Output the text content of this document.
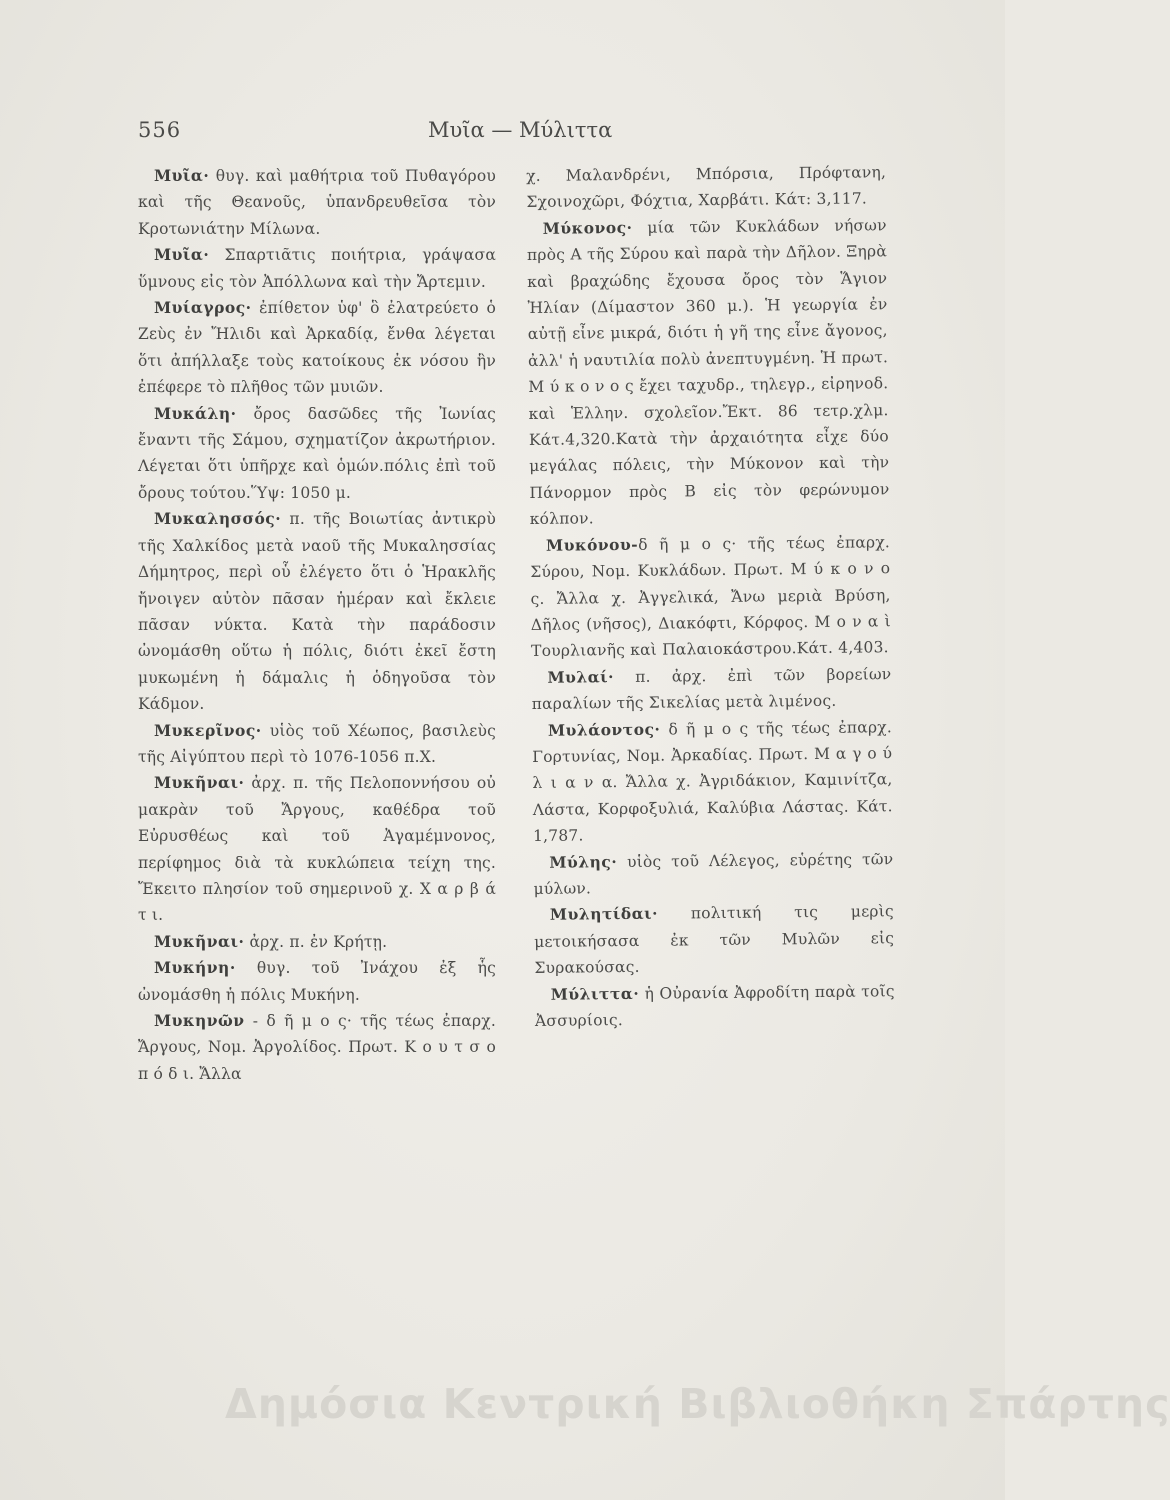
556	Μυῖα — Μύλιττα

Μυῖα· θυγ. καὶ μαθήτρια τοῦ Πυθαγόρου καὶ τῆς Θεανοῦς, ὑπανδρευθεῖσα τὸν Κροτωνιάτην Μίλωνα.

Μυῖα· Σπαρτιᾶτις ποιήτρια, γράψασα ὕμνους εἰς τὸν Ἀπόλλωνα καὶ τὴν Ἄρτεμιν.

Μυίαγρος· ἐπίθετον ὑφ' ὃ ἐλατρεύετο ὁ Ζεὺς ἐν Ἤλιδι καὶ Ἀρκαδίᾳ, ἔνθα λέγεται ὅτι ἀπήλλαξε τοὺς κατοίκους ἐκ νόσου ἣν ἐπέφερε τὸ πλῆθος τῶν μυιῶν.

Μυκάλη· ὄρος δασῶδες τῆς Ἰωνίας ἔναντι τῆς Σάμου, σχηματίζον ἀκρωτήριον. Λέγεται ὅτι ὑπῆρχε καὶ ὁμών.πόλις ἐπὶ τοῦ ὄρους τούτου.Ὕψ: 1050 μ.

Μυκαλησσός· π. τῆς Βοιωτίας ἀντικρὺ τῆς Χαλκίδος μετὰ ναοῦ τῆς Μυκαλησσίας Δήμητρος, περὶ οὗ ἐλέγετο ὅτι ὁ Ἡρακλῆς ἤνοιγεν αὐτὸν πᾶσαν ἡμέραν καὶ ἔκλειε πᾶσαν νύκτα. Κατὰ τὴν παράδοσιν ὠνομάσθη οὕτω ἡ πόλις, διότι ἐκεῖ ἔστη μυκωμένη ἡ δάμαλις ἡ ὁδηγοῦσα τὸν Κάδμον.

Μυκερῖνος· υἱὸς τοῦ Χέωπος, βασιλεὺς τῆς Αἰγύπτου περὶ τὸ 1076-1056 π.Χ.

Μυκῆναι· ἀρχ. π. τῆς Πελοποννήσου οὐ μακρὰν τοῦ Ἄργους, καθέδρα τοῦ Εὐρυσθέως καὶ τοῦ Ἀγαμέμνονος, περίφημος διὰ τὰ κυκλώπεια τείχη της. Ἔκειτο πλησίον τοῦ σημερινοῦ χ. Χ α ρ β ά τ ι.

Μυκῆναι· ἀρχ. π. ἐν Κρήτῃ.

Μυκήνη· θυγ. τοῦ Ἰνάχου ἐξ ἧς ὠνομάσθη ἡ πόλις Μυκήνη.

Μυκηνῶν - δ ῆ μ ο ς· τῆς τέως ἐπαρχ. Ἄργους, Νομ. Ἀργολίδος. Πρωτ. Κ ο υ τ σ ο π ό δ ι. Ἄλλα

χ. Μαλανδρένι, Μπόρσια, Πρόφτανη, Σχοινοχῶρι, Φόχτια, Χαρβάτι. Κάτ: 3,117.

Μύκονος· μία τῶν Κυκλάδων νήσων πρὸς Α τῆς Σύρου καὶ παρὰ τὴν Δῆλον. Ξηρὰ καὶ βραχώδης ἔχουσα ὄρος τὸν Ἅγιον Ἠλίαν (Δίμαστον 360 μ.). Ἡ γεωργία ἐν αὐτῇ εἶνε μικρά, διότι ἡ γῆ της εἶνε ἄγονος, ἀλλ' ἡ ναυτιλία πολὺ ἀνεπτυγμένη. Ἡ πρωτ. Μ ύ κ ο ν ο ς ἔχει ταχυδρ., τηλεγρ., εἰρηνοδ. καὶ Ἑλλην. σχολεῖον.Ἔκτ. 86 τετρ.χλμ. Κάτ.4,320.Κατὰ τὴν ἀρχαιότητα εἶχε δύο μεγάλας πόλεις, τὴν Μύκονον καὶ τὴν Πάνορμον πρὸς Β εἰς τὸν φερώνυμον κόλπον.

Μυκόνου-δ ῆ μ ο ς· τῆς τέως ἐπαρχ. Σύρου, Νομ. Κυκλάδων. Πρωτ. Μ ύ κ ο ν ο ς. Ἄλλα χ. Ἀγγελικά, Ἄνω μεριὰ Βρύση, Δῆλος (νῆσος), Διακόφτι, Κόρφος. Μ ο ν α ὶ Τουρλιανῆς καὶ Παλαιοκάστρου.Κάτ. 4,403.

Μυλαί· π. ἀρχ. ἐπὶ τῶν βορείων παραλίων τῆς Σικελίας μετὰ λιμένος.

Μυλάοντος· δ ῆ μ ο ς τῆς τέως ἐπαρχ. Γορτυνίας, Νομ. Ἀρκαδίας. Πρωτ. Μ α γ ο ύ λ ι α ν α. Ἄλλα χ. Ἀγριδάκιον, Καμινίτζα, Λάστα, Κορφοξυλιά, Καλύβια Λάστας. Κάτ. 1,787.

Μύλης· υἱὸς τοῦ Λέλεγος, εὑρέτης τῶν μύλων.

Μυλητίδαι· πολιτική τις μερὶς μετοικήσασα ἐκ τῶν Μυλῶν εἰς Συρακούσας.

Μύλιττα· ἡ Οὐρανία Ἀφροδίτη παρὰ τοῖς Ἀσσυρίοις.

Δημόσια Κεντρική Βιβλιοθήκη Σπάρτης
